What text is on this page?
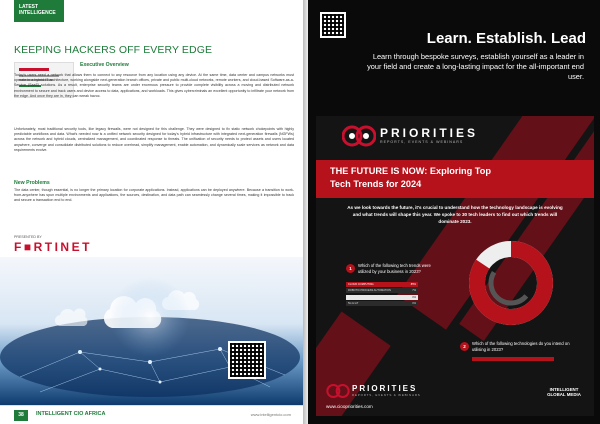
LATEST INTELLIGENCE
KEEPING HACKERS OFF EVERY EDGE
Executive Overview
Today's users need a network that allows them to connect to any resource from any location using any device. At the same time, data center and campus networks must operate in a hybrid IT architecture, working alongside next-generation branch offices, private and public multi-cloud networks, remote workers, and cloud-based Software-as-a-Service (SaaS) solutions. As a result, enterprise security teams are under enormous pressure to provide complete visibility across a moving and distributed network environment to secure and track users and device access to data, applications, and workloads. This gives cybercriminals an excellent opportunity to infiltrate your network from the edge. And once they are in, they can wreak havoc.
Unfortunately, most traditional security tools, like legacy firewalls, were not designed for this challenge. They were designed to fix static network chokepoints with highly predictable workflows and data. What's needed now is a unified network security designed for today's hybrid infrastructure with integrated next-generation firewalls (NGFWs) across the network and hybrid clouds, centralized management, and coordinated response to threats. The unification of security needs to protect assets and users located anywhere, converge and consolidate distributed solutions to reduce overhead, simplify management, enable automation, and dynamically scale services as network and data requirements evolve.
New Problems
The data center, though essential, is no longer the primary location for corporate applications. Instead, applications can be deployed anywhere. Because a transition to work-from-anywhere has spun multiple environments and applications, the sources, destination, and data path can seamlessly change several times, making it impossible to track and secure a transaction end to end.
PRESENTED BY
F■RTINET
38	INTELLIGENT CIO AFRICA	www.intelligentcio.com
Learn. Establish. Lead
Learn through bespoke surveys, establish yourself as a leader in your field and create a long-lasting impact for the all-important end user.
PRIORITIES
REPORTS, EVENTS & WEBINARS
THE FUTURE IS NOW: Exploring Top
Tech Trends for 2024
As we look towards the future, it's crucial to understand how the technology landscape is evolving and what trends will shape this year. We spoke to 30 tech leaders to find out which trends will dominate 2023.
1
Which of the following tech trends were utilized by your business in 2023?
CLOUD COMPUTING	85%
ROBOTIC PROCESS AUTOMATION	7%
0%
5G & IoT	0%
2
Which of the following technologies do you intend on utilising in 2023?
PRIORITIES
REPORTS, EVENTS & WEBINARS
www.cioopriorities.com
INTELLIGENT GLOBAL MEDIA
